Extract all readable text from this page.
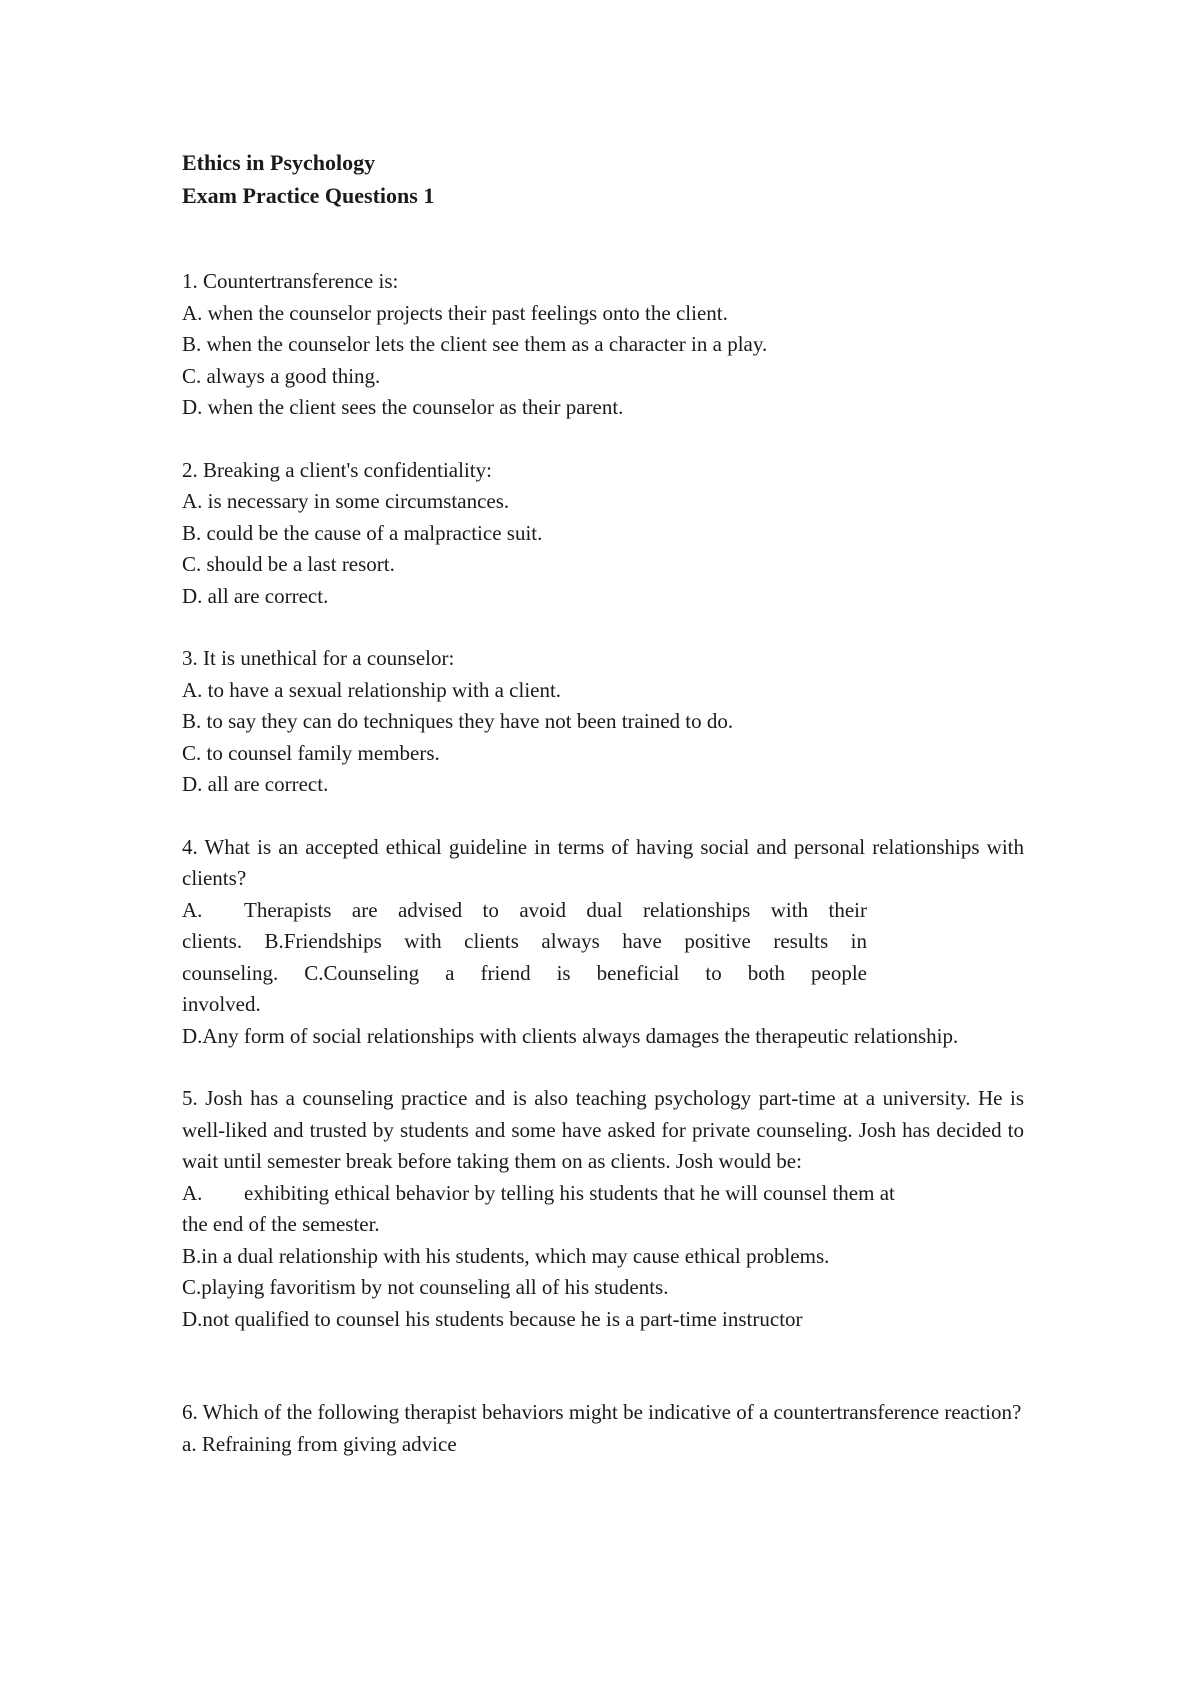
Ethics in Psychology
Exam Practice Questions 1
1. Countertransference is:
A. when the counselor projects their past feelings onto the client.
B. when the counselor lets the client see them as a character in a play.
C. always a good thing.
D. when the client sees the counselor as their parent.
2. Breaking a client's confidentiality:
A. is necessary in some circumstances.
B. could be the cause of a malpractice suit.
C. should be a last resort.
D. all are correct.
3. It is unethical for a counselor:
A. to have a sexual relationship with a client.
B. to say they can do techniques they have not been trained to do.
C. to counsel family members.
D. all are correct.
4. What is an accepted ethical guideline in terms of having social and personal relationships with clients?
A. Therapists are advised to avoid dual relationships with their
clients. B.Friendships with clients always have positive results in
counseling. C.Counseling a friend is beneficial to both people
involved.
D.Any form of social relationships with clients always damages the therapeutic relationship.
5. Josh has a counseling practice and is also teaching psychology part-time at a university. He is well-liked and trusted by students and some have asked for private counseling. Josh has decided to wait until semester break before taking them on as clients. Josh would be:
A. exhibiting ethical behavior by telling his students that he will counsel them at
the end of the semester.
B.in a dual relationship with his students, which may cause ethical problems.
C.playing favoritism by not counseling all of his students.
D.not qualified to counsel his students because he is a part-time instructor
6. Which of the following therapist behaviors might be indicative of a countertransference reaction?
a. Refraining from giving advice
